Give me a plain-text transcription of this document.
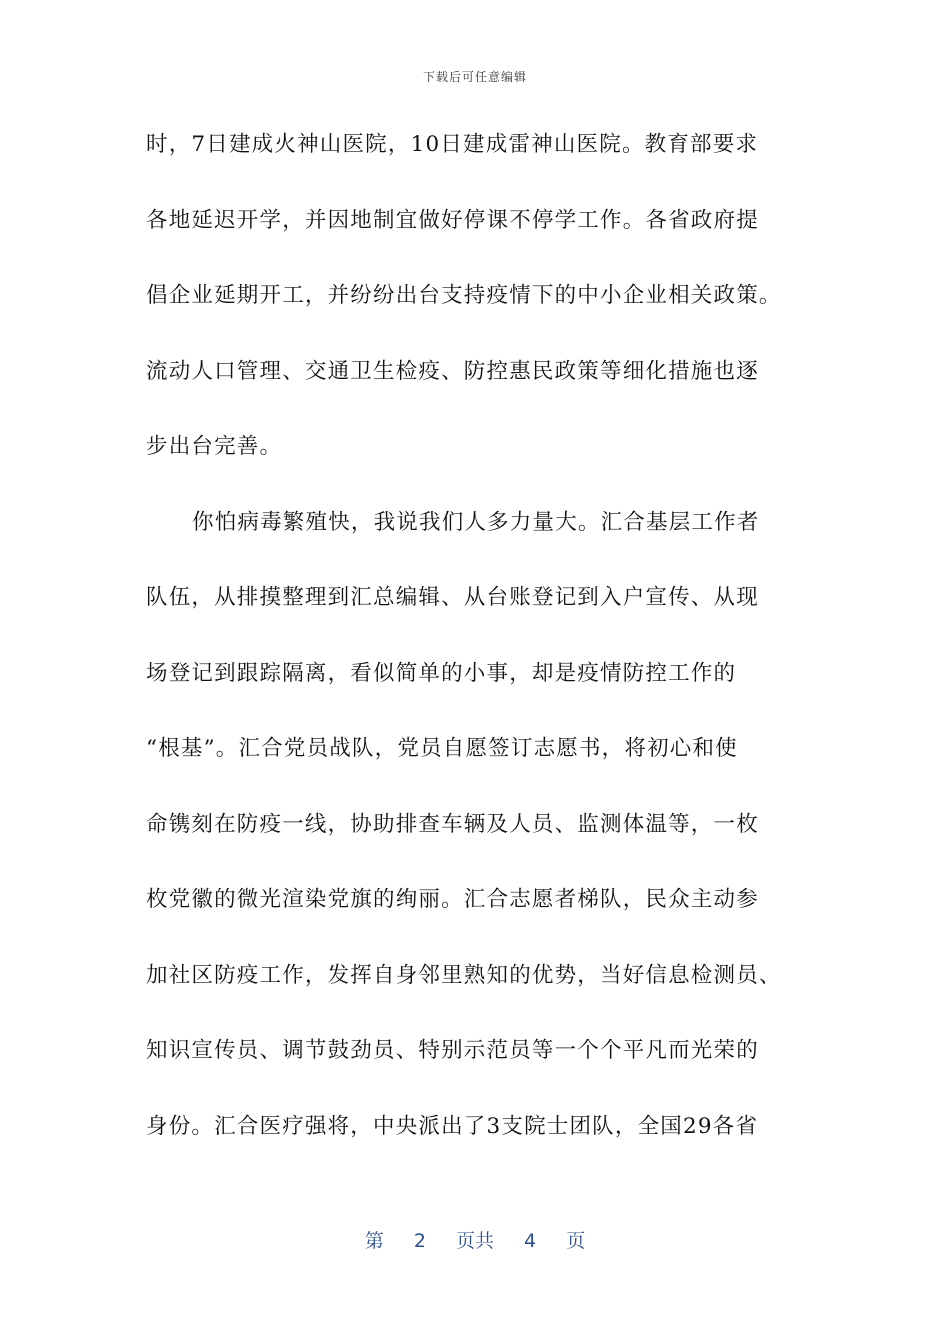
下载后可任意编辑
时，7日建成火神山医院，10日建成雷神山医院。教育部要求
各地延迟开学，并因地制宜做好停课不停学工作。各省政府提
倡企业延期开工，并纷纷出台支持疫情下的中小企业相关政策。
流动人口管理、交通卫生检疫、防控惠民政策等细化措施也逐
步出台完善。
你怕病毒繁殖快，我说我们人多力量大。汇合基层工作者
队伍，从排摸整理到汇总编辑、从台账登记到入户宣传、从现
场登记到跟踪隔离，看似简单的小事，却是疫情防控工作的
“根基”。汇合党员战队，党员自愿签订志愿书，将初心和使
命镌刻在防疫一线，协助排查车辆及人员、监测体温等，一枚
枚党徽的微光渲染党旗的绚丽。汇合志愿者梯队，民众主动参
加社区防疫工作，发挥自身邻里熟知的优势，当好信息检测员、
知识宣传员、调节鼓劲员、特别示范员等一个个平凡而光荣的
身份。汇合医疗强将，中央派出了3支院士团队，全国29各省
第 2 页共 4 页
